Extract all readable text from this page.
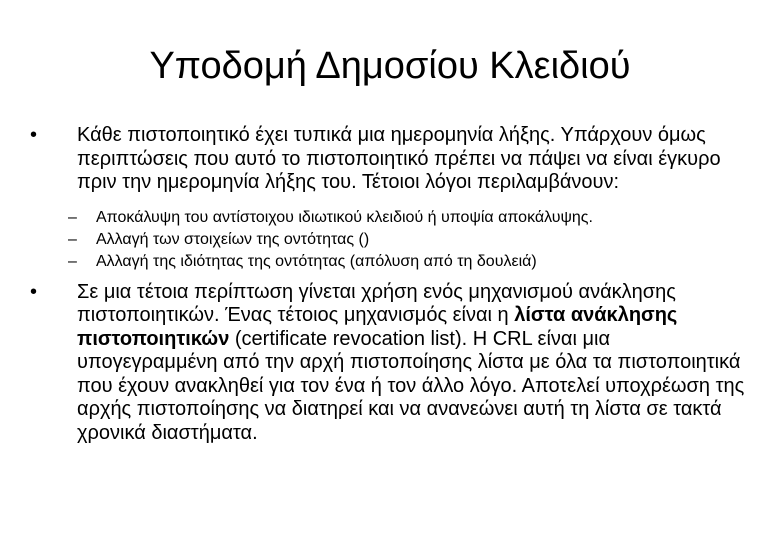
Υποδομή Δημοσίου Κλειδιού

• Κάθε πιστοποιητικό έχει τυπικά μια ημερομηνία λήξης. Υπάρχουν όμως περιπτώσεις που αυτό το πιστοποιητικό πρέπει να πάψει να είναι έγκυρο πριν την ημερομηνία λήξης του. Τέτοιοι λόγοι περιλαμβάνουν:

– Αποκάλυψη του αντίστοιχου ιδιωτικού κλειδιού ή υποψία αποκάλυψης.
– Αλλαγή των στοιχείων της οντότητας ()
– Αλλαγή της ιδιότητας της οντότητας (απόλυση από τη δουλειά)

• Σε μια τέτοια περίπτωση γίνεται χρήση ενός μηχανισμού ανάκλησης πιστοποιητικών. Ένας τέτοιος μηχανισμός είναι η λίστα ανάκλησης πιστοποιητικών (certificate revocation list). Η CRL είναι μια υπογεγραμμένη από την αρχή πιστοποίησης λίστα με όλα τα πιστοποιητικά που έχουν ανακληθεί για τον ένα ή τον άλλο λόγο. Αποτελεί υποχρέωση της αρχής πιστοποίησης να διατηρεί και να ανανεώνει αυτή τη λίστα σε τακτά χρονικά διαστήματα.
